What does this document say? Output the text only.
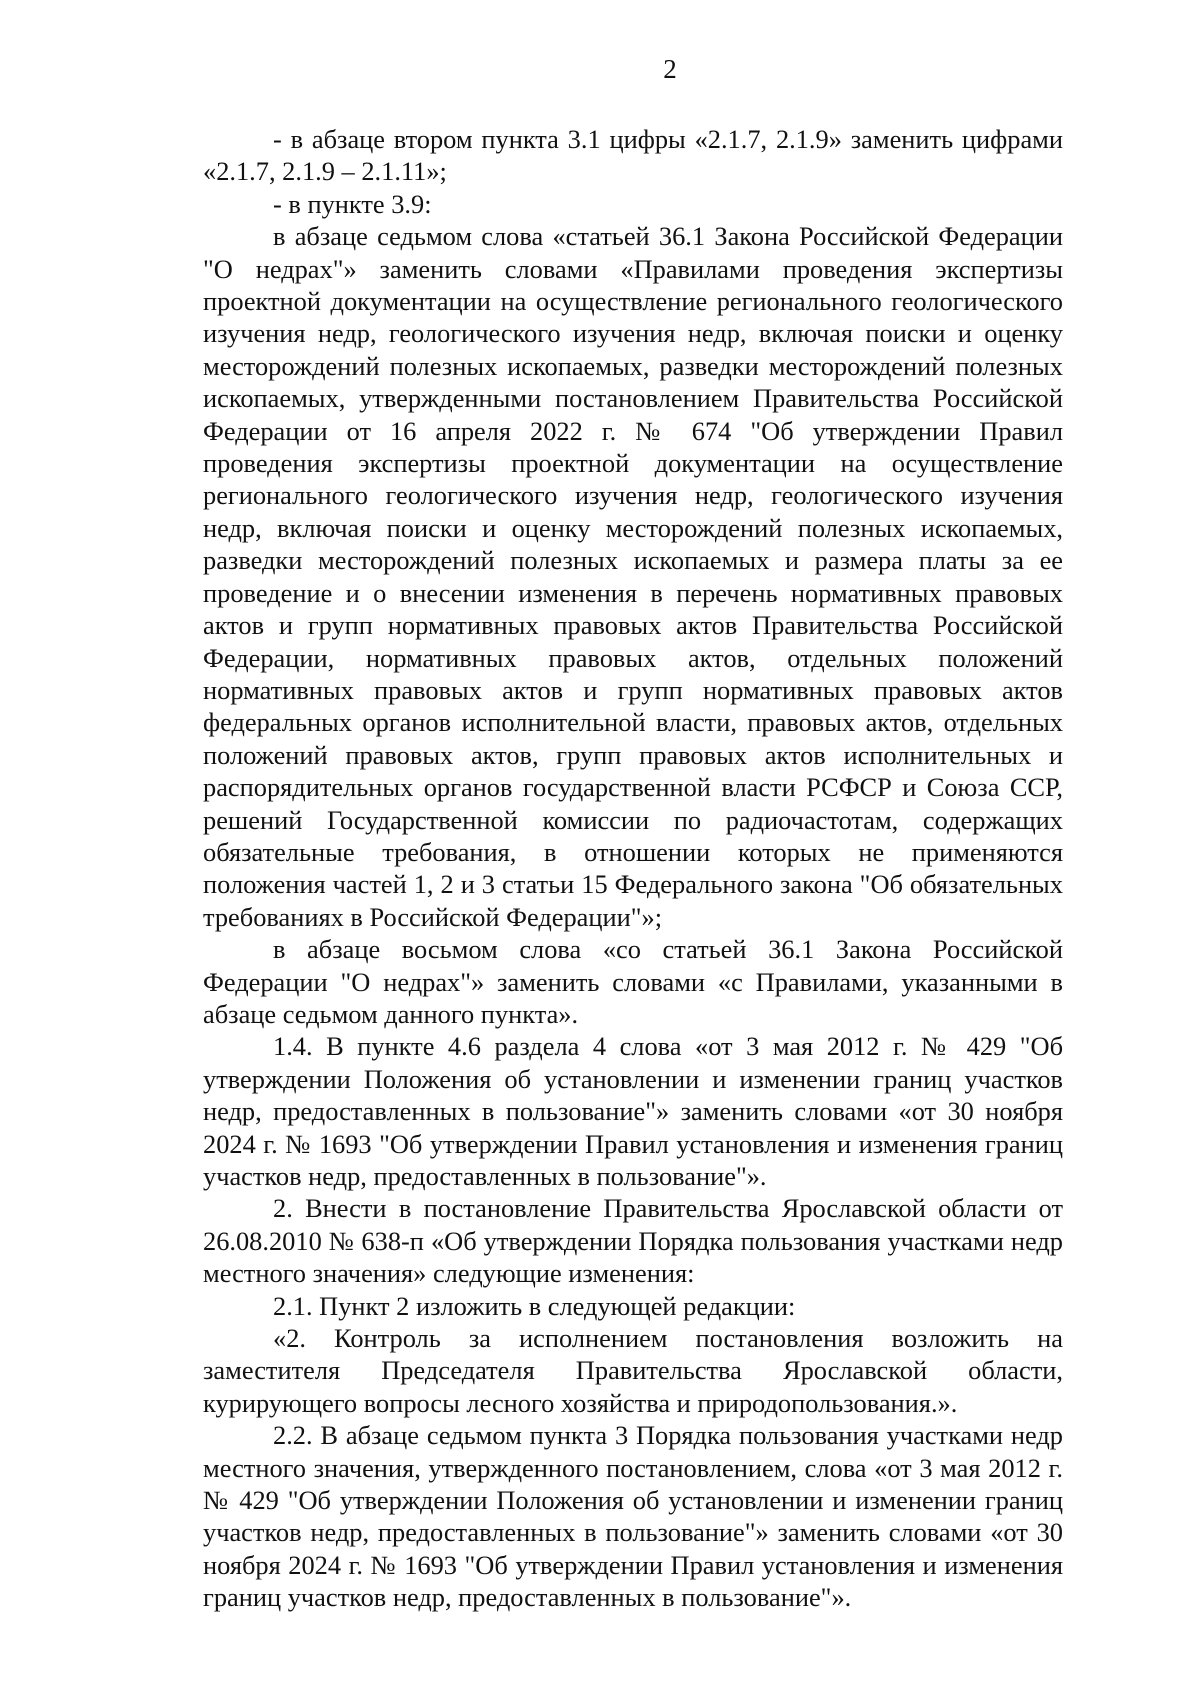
2

- в абзаце втором пункта 3.1 цифры «2.1.7, 2.1.9» заменить цифрами «2.1.7, 2.1.9 – 2.1.11»;

- в пункте 3.9:

в абзаце седьмом слова «статьей 36.1 Закона Российской Федерации "О недрах"» заменить словами «Правилами проведения экспертизы проектной документации на осуществление регионального геологического изучения недр, геологического изучения недр, включая поиски и оценку месторождений полезных ископаемых, разведки месторождений полезных ископаемых, утвержденными постановлением Правительства Российской Федерации от 16 апреля 2022 г. № 674 "Об утверждении Правил проведения экспертизы проектной документации на осуществление регионального геологического изучения недр, геологического изучения недр, включая поиски и оценку месторождений полезных ископаемых, разведки месторождений полезных ископаемых и размера платы за ее проведение и о внесении изменения в перечень нормативных правовых актов и групп нормативных правовых актов Правительства Российской Федерации, нормативных правовых актов, отдельных положений нормативных правовых актов и групп нормативных правовых актов федеральных органов исполнительной власти, правовых актов, отдельных положений правовых актов, групп правовых актов исполнительных и распорядительных органов государственной власти РСФСР и Союза ССР, решений Государственной комиссии по радиочастотам, содержащих обязательные требования, в отношении которых не применяются положения частей 1, 2 и 3 статьи 15 Федерального закона "Об обязательных требованиях в Российской Федерации"»;

в абзаце восьмом слова «со статьей 36.1 Закона Российской Федерации "О недрах"» заменить словами «с Правилами, указанными в абзаце седьмом данного пункта».

1.4. В пункте 4.6 раздела 4 слова «от 3 мая 2012 г. № 429 "Об утверждении Положения об установлении и изменении границ участков недр, предоставленных в пользование"» заменить словами «от 30 ноября 2024 г. № 1693 "Об утверждении Правил установления и изменения границ участков недр, предоставленных в пользование"».

2. Внести в постановление Правительства Ярославской области от 26.08.2010 № 638-п «Об утверждении Порядка пользования участками недр местного значения» следующие изменения:

2.1. Пункт 2 изложить в следующей редакции:

«2. Контроль за исполнением постановления возложить на заместителя Председателя Правительства Ярославской области, курирующего вопросы лесного хозяйства и природопользования.».

2.2. В абзаце седьмом пункта 3 Порядка пользования участками недр местного значения, утвержденного постановлением, слова «от 3 мая 2012 г. № 429 "Об утверждении Положения об установлении и изменении границ участков недр, предоставленных в пользование"» заменить словами «от 30 ноября 2024 г. № 1693 "Об утверждении Правил установления и изменения границ участков недр, предоставленных в пользование"».
